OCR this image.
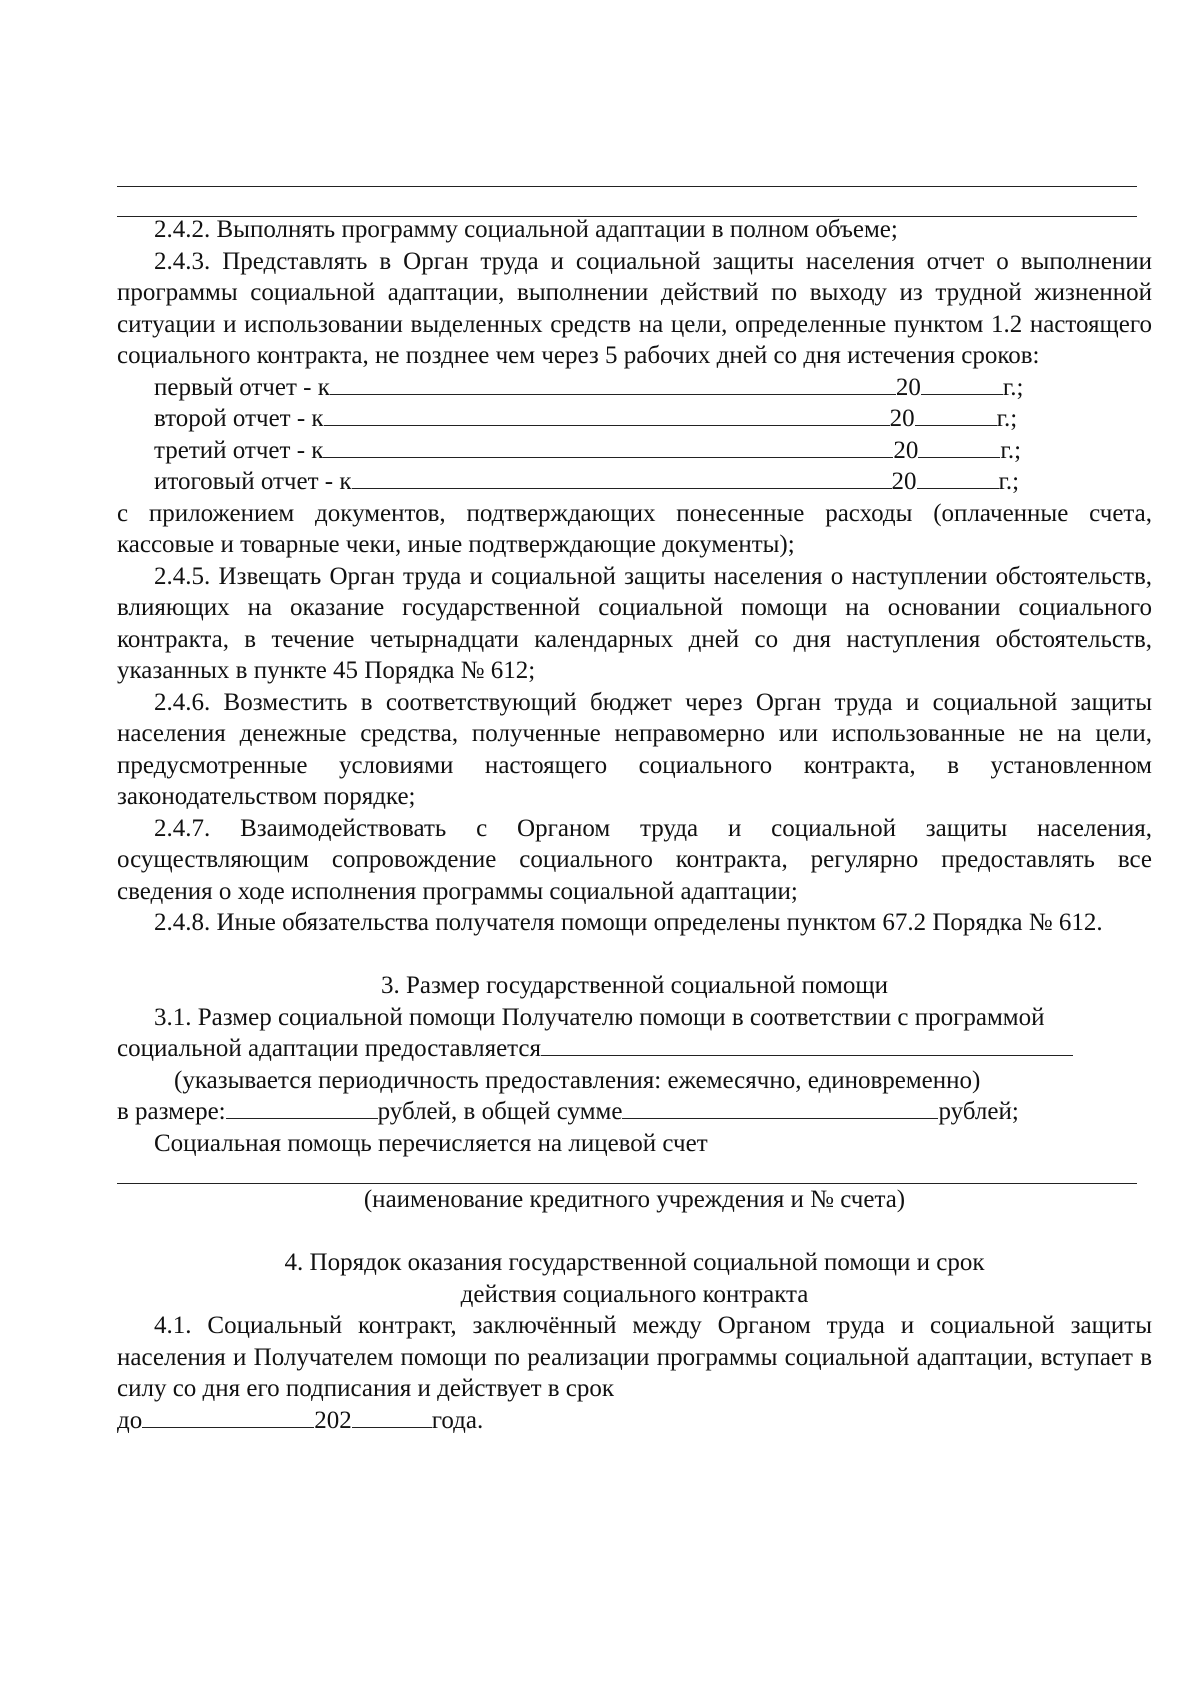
2.4.2. Выполнять программу социальной адаптации в полном объеме;

2.4.3. Представлять в Орган труда и социальной защиты населения отчет о выполнении программы социальной адаптации, выполнении действий по выходу из трудной жизненной ситуации и использовании выделенных средств на цели, определенные пунктом 1.2 настоящего социального контракта, не позднее чем через 5 рабочих дней со дня истечения сроков:

первый отчет - к	20	г.;
второй отчет - к	20	г.;
третий отчет - к	20	г.;
итоговый отчет - к	20	г.;

с приложением документов, подтверждающих понесенные расходы (оплаченные счета, кассовые и товарные чеки, иные подтверждающие документы);

2.4.5. Извещать Орган труда и социальной защиты населения о наступлении обстоятельств, влияющих на оказание государственной социальной помощи на основании социального контракта, в течение четырнадцати календарных дней со дня наступления обстоятельств, указанных в пункте 45 Порядка № 612;

2.4.6. Возместить в соответствующий бюджет через Орган труда и социальной защиты населения денежные средства, полученные неправомерно или использованные не на цели, предусмотренные условиями настоящего социального контракта, в установленном законодательством порядке;

2.4.7. Взаимодействовать с Органом труда и социальной защиты населения, осуществляющим сопровождение социального контракта, регулярно предоставлять все сведения о ходе исполнения программы социальной адаптации;

2.4.8. Иные обязательства получателя помощи определены пунктом 67.2 Порядка № 612.

3. Размер государственной социальной помощи

3.1. Размер социальной помощи Получателю помощи в соответствии с программой

социальной адаптации предоставляется

(указывается периодичность предоставления: ежемесячно, единовременно)

в размере:	рублей, в общей сумме	рублей;

Социальная помощь перечисляется на лицевой счет

(наименование кредитного учреждения и № счета)

4. Порядок оказания государственной социальной помощи и срок

действия социального контракта

4.1. Социальный контракт, заключённый между Органом труда и социальной защиты населения и Получателем помощи по реализации программы социальной адаптации, вступает в силу со дня его подписания и действует в срок

до	202	года.
